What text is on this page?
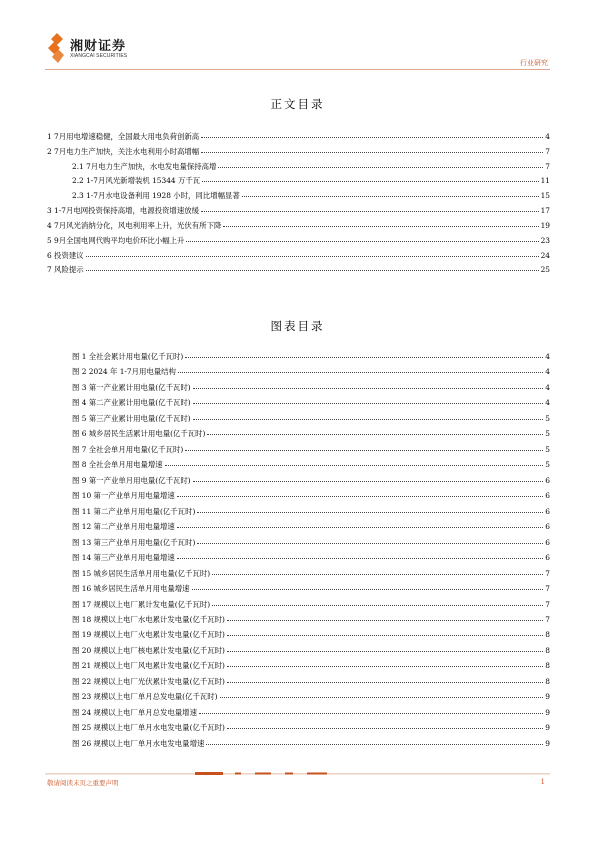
湘财证券
XIANGCAI SECURITIES
行业研究
正文目录
1 7月用电增速稳健，全国最大用电负荷创新高	4
2 7月电力生产加快，关注水电利用小时高增幅	7
2.1 7月电力生产加快，水电发电量保持高增	7
2.2 1-7月风光新增装机 15344 万千瓦	11
2.3 1-7月水电设备利用 1928 小时，同比增幅显著	15
3 1-7月电网投资保持高增，电源投资增速放缓	17
4 7月风光消纳分化，风电利用率上升，光伏有所下降	19
5 9月全国电网代购平均电价环比小幅上升	23
6 投资建议	24
7 风险提示	25
图表目录
图 1 全社会累计用电量(亿千瓦时)	4
图 2 2024 年 1-7月用电量结构	4
图 3 第一产业累计用电量(亿千瓦时)	4
图 4 第二产业累计用电量(亿千瓦时)	4
图 5 第三产业累计用电量(亿千瓦时)	5
图 6 城乡居民生活累计用电量(亿千瓦时)	5
图 7 全社会单月用电量(亿千瓦时)	5
图 8 全社会单月用电量增速	5
图 9 第一产业单月用电量(亿千瓦时)	6
图 10 第一产业单月用电量增速	6
图 11 第二产业单月用电量(亿千瓦时)	6
图 12 第二产业单月用电量增速	6
图 13 第三产业单月用电量(亿千瓦时)	6
图 14 第三产业单月用电量增速	6
图 15 城乡居民生活单月用电量(亿千瓦时)	7
图 16 城乡居民生活单月用电量增速	7
图 17 规模以上电厂累计发电量(亿千瓦时)	7
图 18 规模以上电厂水电累计发电量(亿千瓦时)	7
图 19 规模以上电厂火电累计发电量(亿千瓦时)	8
图 20 规模以上电厂核电累计发电量(亿千瓦时)	8
图 21 规模以上电厂风电累计发电量(亿千瓦时)	8
图 22 规模以上电厂光伏累计发电量(亿千瓦时)	8
图 23 规模以上电厂单月总发电量(亿千瓦时)	9
图 24 规模以上电厂单月总发电量增速	9
图 25 规模以上电厂单月水电发电量(亿千瓦时)	9
图 26 规模以上电厂单月水电发电量增速	9
敬请阅读末页之重要声明	1
